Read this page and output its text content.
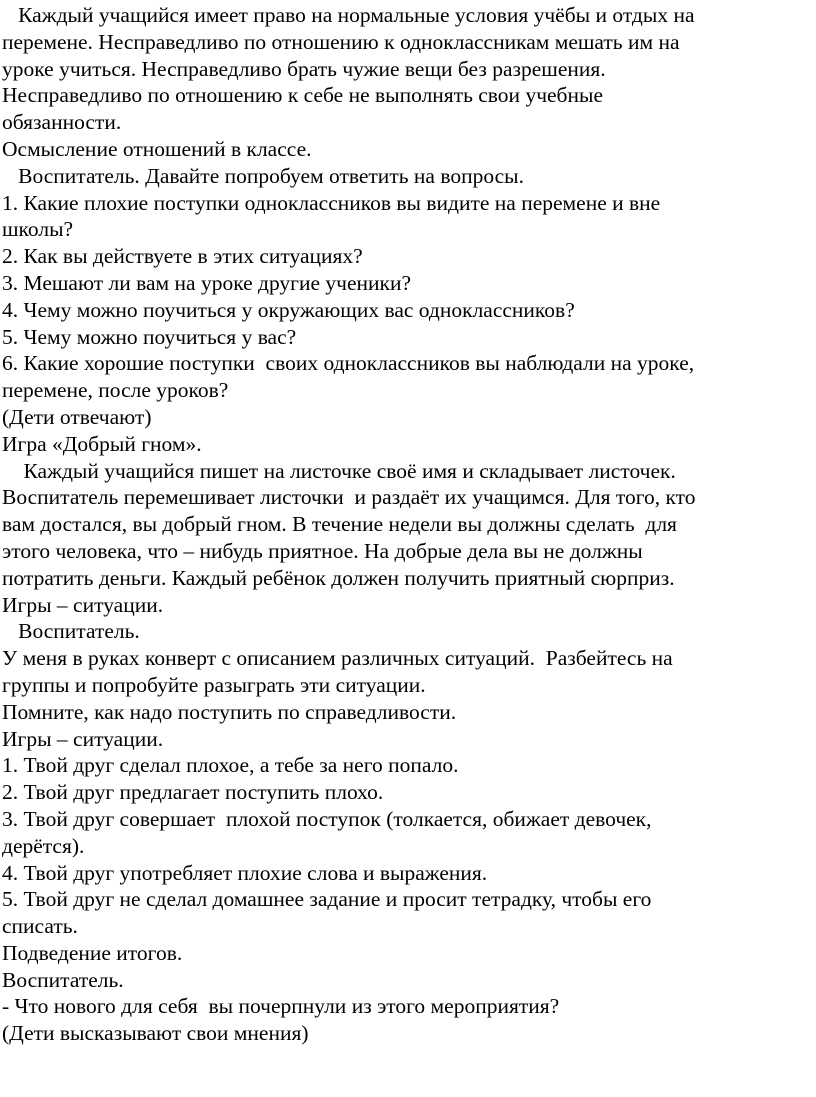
Каждый учащийся имеет право на нормальные условия учёбы и отдых на
перемене. Несправедливо по отношению к одноклассникам мешать им на
уроке учиться. Несправедливо брать чужие вещи без разрешения.
Несправедливо по отношению к себе не выполнять свои учебные
обязанности.
Осмысление отношений в классе.
Воспитатель. Давайте попробуем ответить на вопросы.
1. Какие плохие поступки одноклассников вы видите на перемене и вне
школы?
2. Как вы действуете в этих ситуациях?
3. Мешают ли вам на уроке другие ученики?
4. Чему можно поучиться у окружающих вас одноклассников?
5. Чему можно поучиться у вас?
6. Какие хорошие поступки  своих одноклассников вы наблюдали на уроке,
перемене, после уроков?
(Дети отвечают)
Игра «Добрый гном».
Каждый учащийся пишет на листочке своё имя и складывает листочек.
Воспитатель перемешивает листочки  и раздаёт их учащимся. Для того, кто
вам достался, вы добрый гном. В течение недели вы должны сделать  для
этого человека, что – нибудь приятное. На добрые дела вы не должны
потратить деньги. Каждый ребёнок должен получить приятный сюрприз.
Игры – ситуации.
Воспитатель.
У меня в руках конверт с описанием различных ситуаций.  Разбейтесь на
группы и попробуйте разыграть эти ситуации.
Помните, как надо поступить по справедливости.
Игры – ситуации.
1. Твой друг сделал плохое, а тебе за него попало.
2. Твой друг предлагает поступить плохо.
3. Твой друг совершает  плохой поступок (толкается, обижает девочек,
дерётся).
4. Твой друг употребляет плохие слова и выражения.
5. Твой друг не сделал домашнее задание и просит тетрадку, чтобы его
списать.
Подведение итогов.
Воспитатель.
- Что нового для себя  вы почерпнули из этого мероприятия?
(Дети высказывают свои мнения)
